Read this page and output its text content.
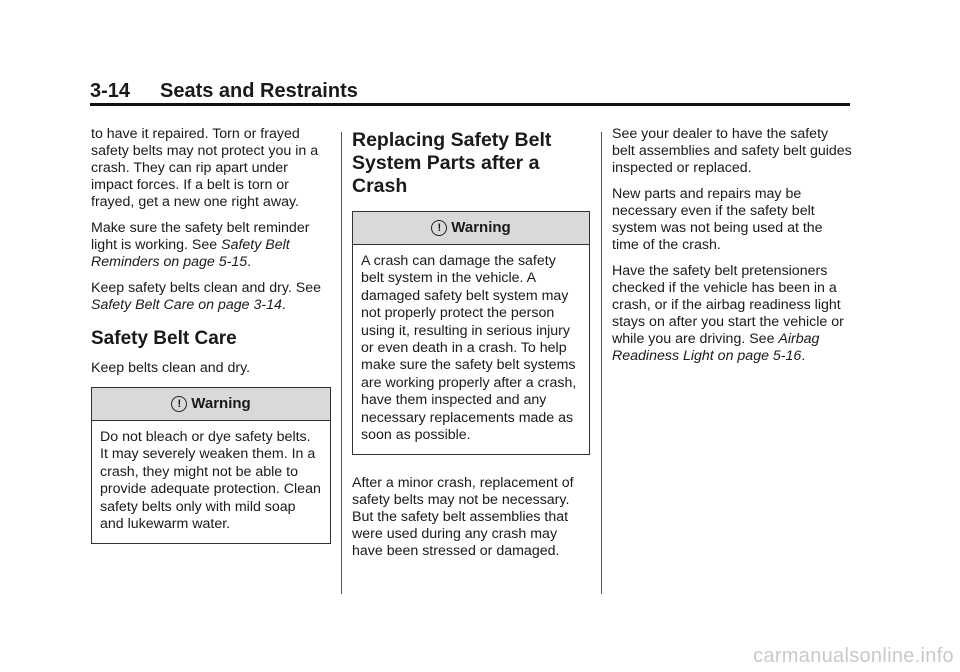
3-14 Seats and Restraints

to have it repaired. Torn or frayed safety belts may not protect you in a crash. They can rip apart under impact forces. If a belt is torn or frayed, get a new one right away.

Make sure the safety belt reminder light is working. See Safety Belt Reminders on page 5-15.

Keep safety belts clean and dry. See Safety Belt Care on page 3-14.

Safety Belt Care

Keep belts clean and dry.

! Warning
Do not bleach or dye safety belts. It may severely weaken them. In a crash, they might not be able to provide adequate protection. Clean safety belts only with mild soap and lukewarm water.
Replacing Safety Belt System Parts after a Crash
! Warning
A crash can damage the safety belt system in the vehicle. A damaged safety belt system may not properly protect the person using it, resulting in serious injury or even death in a crash. To help make sure the safety belt systems are working properly after a crash, have them inspected and any necessary replacements made as soon as possible.

After a minor crash, replacement of safety belts may not be necessary. But the safety belt assemblies that were used during any crash may have been stressed or damaged.

See your dealer to have the safety belt assemblies and safety belt guides inspected or replaced.

New parts and repairs may be necessary even if the safety belt system was not being used at the time of the crash.

Have the safety belt pretensioners checked if the vehicle has been in a crash, or if the airbag readiness light stays on after you start the vehicle or while you are driving. See Airbag Readiness Light on page 5-16.

carmanualsonline.info
